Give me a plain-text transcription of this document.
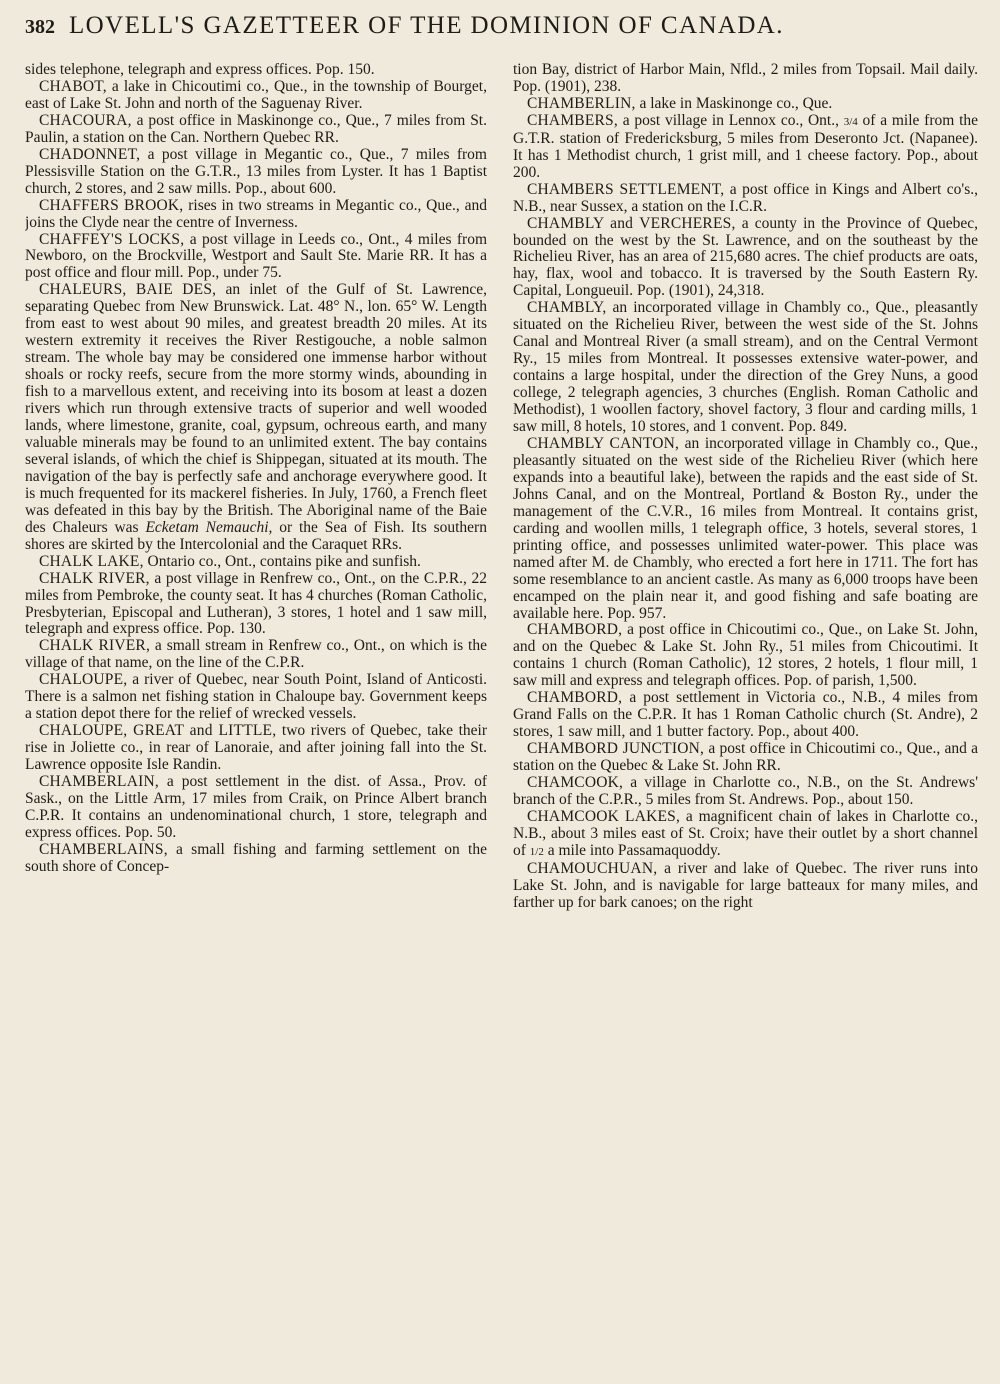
382 LOVELL'S GAZETTEER OF THE DOMINION OF CANADA.

sides telephone, telegraph and express offices. Pop. 150.

CHABOT, a lake in Chicoutimi co., Que., in the township of Bourget, east of Lake St. John and north of the Saguenay River.

CHACOURA, a post office in Maskinonge co., Que., 7 miles from St. Paulin, a station on the Can. Northern Quebec RR.

CHADONNET, a post village in Megantic co., Que., 7 miles from Plessisville Station on the G.T.R., 13 miles from Lyster. It has 1 Baptist church, 2 stores, and 2 saw mills. Pop., about 600.

CHAFFERS BROOK, rises in two streams in Megantic co., Que., and joins the Clyde near the centre of Inverness.

CHAFFEY'S LOCKS, a post village in Leeds co., Ont., 4 miles from Newboro, on the Brockville, Westport and Sault Ste. Marie RR. It has a post office and flour mill. Pop., under 75.

CHALEURS, BAIE DES, an inlet of the Gulf of St. Lawrence, separating Quebec from New Brunswick. Lat. 48° N., lon. 65° W. Length from east to west about 90 miles, and greatest breadth 20 miles. At its western extremity it receives the River Restigouche, a noble salmon stream. The whole bay may be considered one immense harbor without shoals or rocky reefs, secure from the more stormy winds, abounding in fish to a marvellous extent, and receiving into its bosom at least a dozen rivers which run through extensive tracts of superior and well wooded lands, where limestone, granite, coal, gypsum, ochreous earth, and many valuable minerals may be found to an unlimited extent. The bay contains several islands, of which the chief is Shippegan, situated at its mouth. The navigation of the bay is perfectly safe and anchorage everywhere good. It is much frequented for its mackerel fisheries. In July, 1760, a French fleet was defeated in this bay by the British. The Aboriginal name of the Baie des Chaleurs was Ecketam Nemauchi, or the Sea of Fish. Its southern shores are skirted by the Intercolonial and the Caraquet RRs.

CHALK LAKE, Ontario co., Ont., contains pike and sunfish.

CHALK RIVER, a post village in Renfrew co., Ont., on the C.P.R., 22 miles from Pembroke, the county seat. It has 4 churches (Roman Catholic, Presbyterian, Episcopal and Lutheran), 3 stores, 1 hotel and 1 saw mill, telegraph and express office. Pop. 130.

CHALK RIVER, a small stream in Renfrew co., Ont., on which is the village of that name, on the line of the C.P.R.

CHALOUPE, a river of Quebec, near South Point, Island of Anticosti. There is a salmon net fishing station in Chaloupe bay. Government keeps a station depot there for the relief of wrecked vessels.

CHALOUPE, GREAT and LITTLE, two rivers of Quebec, take their rise in Joliette co., in rear of Lanoraie, and after joining fall into the St. Lawrence opposite Isle Randin.

CHAMBERLAIN, a post settlement in the dist. of Assa., Prov. of Sask., on the Little Arm, 17 miles from Craik, on Prince Albert branch C.P.R. It contains an undenominational church, 1 store, telegraph and express offices. Pop. 50.

CHAMBERLAINS, a small fishing and farming settlement on the south shore of Concep-

tion Bay, district of Harbor Main, Nfld., 2 miles from Topsail. Mail daily. Pop. (1901), 238.

CHAMBERLIN, a lake in Maskinonge co., Que.

CHAMBERS, a post village in Lennox co., Ont., 3/4 of a mile from the G.T.R. station of Fredericksburg, 5 miles from Deseronto Jct. (Napanee). It has 1 Methodist church, 1 grist mill, and 1 cheese factory. Pop., about 200.

CHAMBERS SETTLEMENT, a post office in Kings and Albert co's., N.B., near Sussex, a station on the I.C.R.

CHAMBLY and VERCHERES, a county in the Province of Quebec, bounded on the west by the St. Lawrence, and on the southeast by the Richelieu River, has an area of 215,680 acres. The chief products are oats, hay, flax, wool and tobacco. It is traversed by the South Eastern Ry. Capital, Longueuil. Pop. (1901), 24,318.

CHAMBLY, an incorporated village in Chambly co., Que., pleasantly situated on the Richelieu River, between the west side of the St. Johns Canal and Montreal River (a small stream), and on the Central Vermont Ry., 15 miles from Montreal. It possesses extensive water-power, and contains a large hospital, under the direction of the Grey Nuns, a good college, 2 telegraph agencies, 3 churches (English. Roman Catholic and Methodist), 1 woollen factory, shovel factory, 3 flour and carding mills, 1 saw mill, 8 hotels, 10 stores, and 1 convent. Pop. 849.

CHAMBLY CANTON, an incorporated village in Chambly co., Que., pleasantly situated on the west side of the Richelieu River (which here expands into a beautiful lake), between the rapids and the east side of St. Johns Canal, and on the Montreal, Portland & Boston Ry., under the management of the C.V.R., 16 miles from Montreal. It contains grist, carding and woollen mills, 1 telegraph office, 3 hotels, several stores, 1 printing office, and possesses unlimited water-power. This place was named after M. de Chambly, who erected a fort here in 1711. The fort has some resemblance to an ancient castle. As many as 6,000 troops have been encamped on the plain near it, and good fishing and safe boating are available here. Pop. 957.

CHAMBORD, a post office in Chicoutimi co., Que., on Lake St. John, and on the Quebec & Lake St. John Ry., 51 miles from Chicoutimi. It contains 1 church (Roman Catholic), 12 stores, 2 hotels, 1 flour mill, 1 saw mill and express and telegraph offices. Pop. of parish, 1,500.

CHAMBORD, a post settlement in Victoria co., N.B., 4 miles from Grand Falls on the C.P.R. It has 1 Roman Catholic church (St. Andre), 2 stores, 1 saw mill, and 1 butter factory. Pop., about 400.

CHAMBORD JUNCTION, a post office in Chicoutimi co., Que., and a station on the Quebec & Lake St. John RR.

CHAMCOOK, a village in Charlotte co., N.B., on the St. Andrews' branch of the C.P.R., 5 miles from St. Andrews. Pop., about 150.

CHAMCOOK LAKES, a magnificent chain of lakes in Charlotte co., N.B., about 3 miles east of St. Croix; have their outlet by a short channel of 1/2 a mile into Passamaquoddy.

CHAMOUCHUAN, a river and lake of Quebec. The river runs into Lake St. John, and is navigable for large batteaux for many miles, and farther up for bark canoes; on the right
